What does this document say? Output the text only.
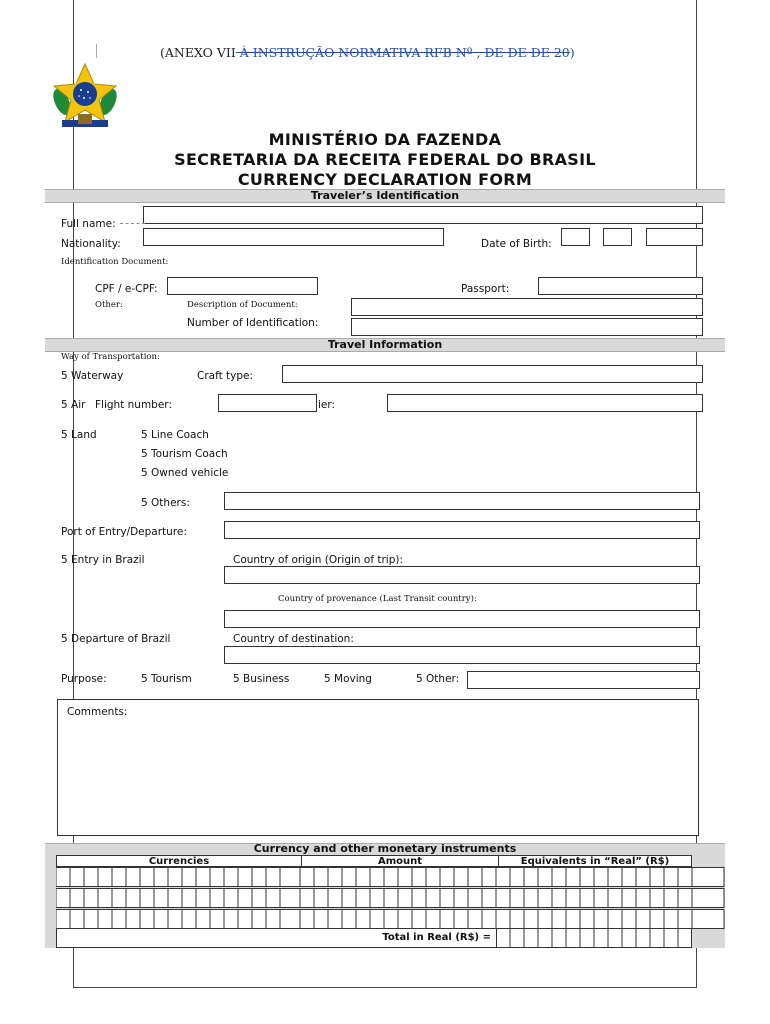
(ANEXO VII À INSTRUÇÃO NORMATIVA RFB Nº , DE DE DE 20)
MINISTÉRIO DA FAZENDA
SECRETARIA DA RECEITA FEDERAL DO BRASIL
CURRENCY DECLARATION FORM
Traveler’s Identification
Full name:
Nationality:	Date of Birth:
Identification Document:
CPF / e-CPF:	Passport:
Other:	Description of Document:
Number of Identification:
Travel Information
Way of Transportation:
5 Waterway	Craft type:
5 Air Flight number:	ier:
5 Land	5 Line Coach
5 Tourism Coach
5 Owned vehicle
5 Others:
Port of Entry/Departure:
5 Entry in Brazil	Country of origin (Origin of trip):
Country of provenance (Last Transit country):
5 Departure of Brazil	Country of destination:
Purpose:	5 Tourism	5 Business	5 Moving	5 Other:
Comments:
Currency and other monetary instruments
Currencies	Amount	Equivalents in “Real” (R$)
Total in Real (R$) =
